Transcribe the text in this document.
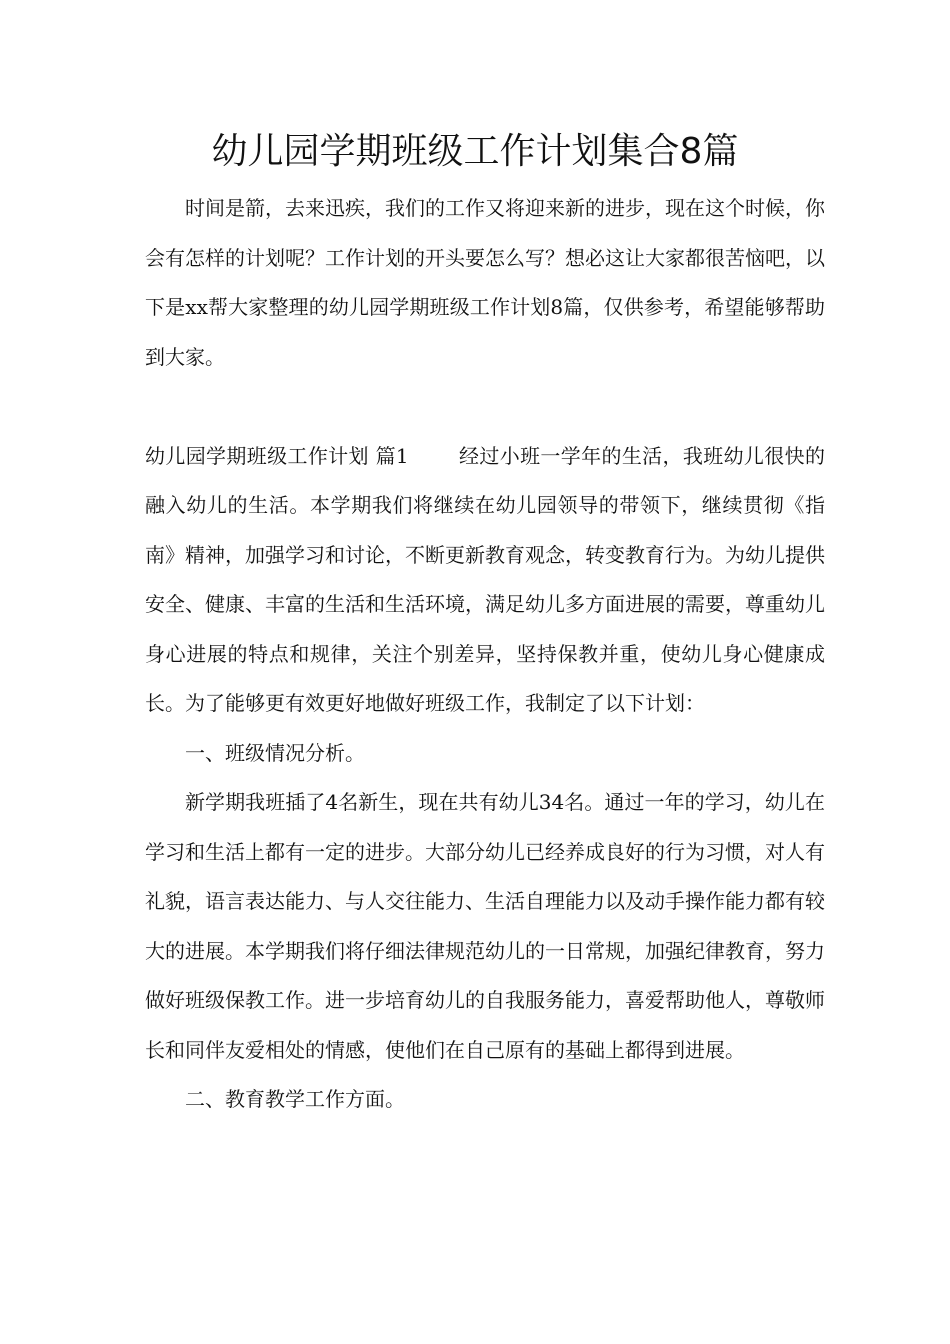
幼儿园学期班级工作计划集合8篇

时间是箭，去来迅疾，我们的工作又将迎来新的进步，现在这个时候，你会有怎样的计划呢？工作计划的开头要怎么写？想必这让大家都很苦恼吧，以下是xx帮大家整理的幼儿园学期班级工作计划8篇，仅供参考，希望能够帮助到大家。

幼儿园学期班级工作计划 篇1	经过小班一学年的生活，我班幼儿很快的融入幼儿的生活。本学期我们将继续在幼儿园领导的带领下，继续贯彻《指南》精神，加强学习和讨论，不断更新教育观念，转变教育行为。为幼儿提供安全、健康、丰富的生活和生活环境，满足幼儿多方面进展的需要，尊重幼儿身心进展的特点和规律，关注个别差异，坚持保教并重，使幼儿身心健康成长。为了能够更有效更好地做好班级工作，我制定了以下计划：

一、班级情况分析。

新学期我班插了4名新生，现在共有幼儿34名。通过一年的学习，幼儿在学习和生活上都有一定的进步。大部分幼儿已经养成良好的行为习惯，对人有礼貌，语言表达能力、与人交往能力、生活自理能力以及动手操作能力都有较大的进展。本学期我们将仔细法律规范幼儿的一日常规，加强纪律教育，努力做好班级保教工作。进一步培育幼儿的自我服务能力，喜爱帮助他人，尊敬师长和同伴友爱相处的情感，使他们在自己原有的基础上都得到进展。

二、教育教学工作方面。
